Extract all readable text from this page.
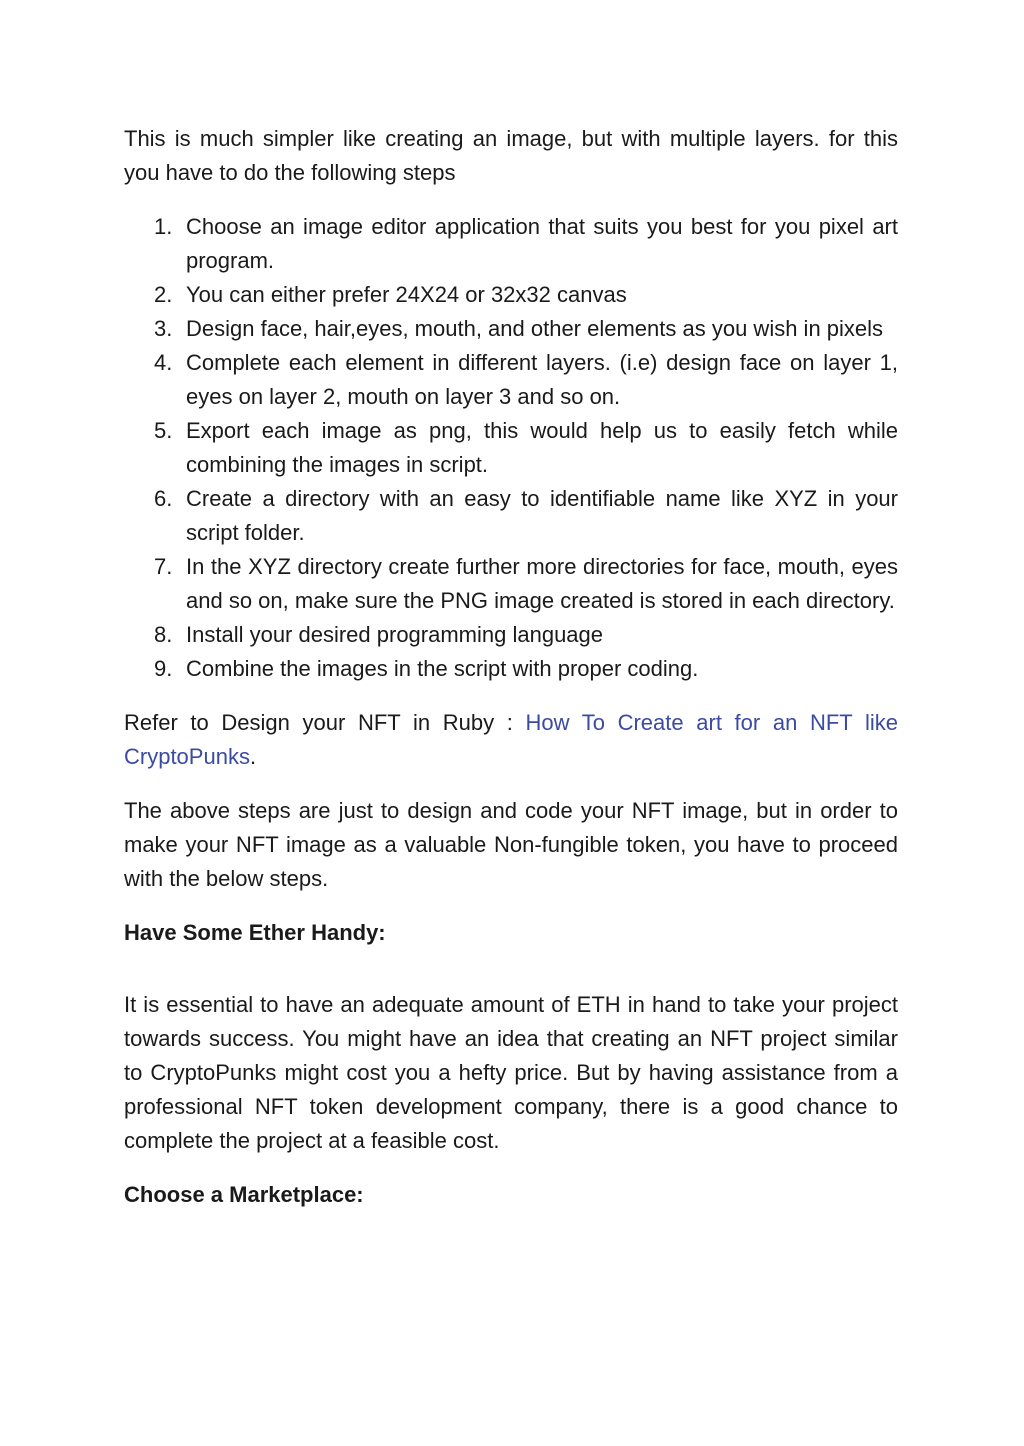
This is much simpler like creating an image, but with multiple layers. for this you have to do the following steps

1. Choose an image editor application that suits you best for you pixel art program.
2. You can either prefer 24X24 or 32x32 canvas
3. Design face, hair,eyes, mouth, and other elements as you wish in pixels
4. Complete each element in different layers. (i.e) design face on layer 1, eyes on layer 2, mouth on layer 3 and so on.
5. Export each image as png, this would help us to easily fetch while combining the images in script.
6. Create a directory with an easy to identifiable name like XYZ in your script folder.
7. In the XYZ directory create further more directories for face, mouth, eyes and so on, make sure the PNG image created is stored in each directory.
8. Install your desired programming language
9. Combine the images in the script with proper coding.

Refer to Design your NFT in Ruby : How To Create art for an NFT like CryptoPunks.

The above steps are just to design and code your NFT image, but in order to make your NFT image as a valuable Non-fungible token, you have to proceed with the below steps.

Have Some Ether Handy:

It is essential to have an adequate amount of ETH in hand to take your project towards success. You might have an idea that creating an NFT project similar to CryptoPunks might cost you a hefty price. But by having assistance from a professional NFT token development company, there is a good chance to complete the project at a feasible cost.

Choose a Marketplace:
